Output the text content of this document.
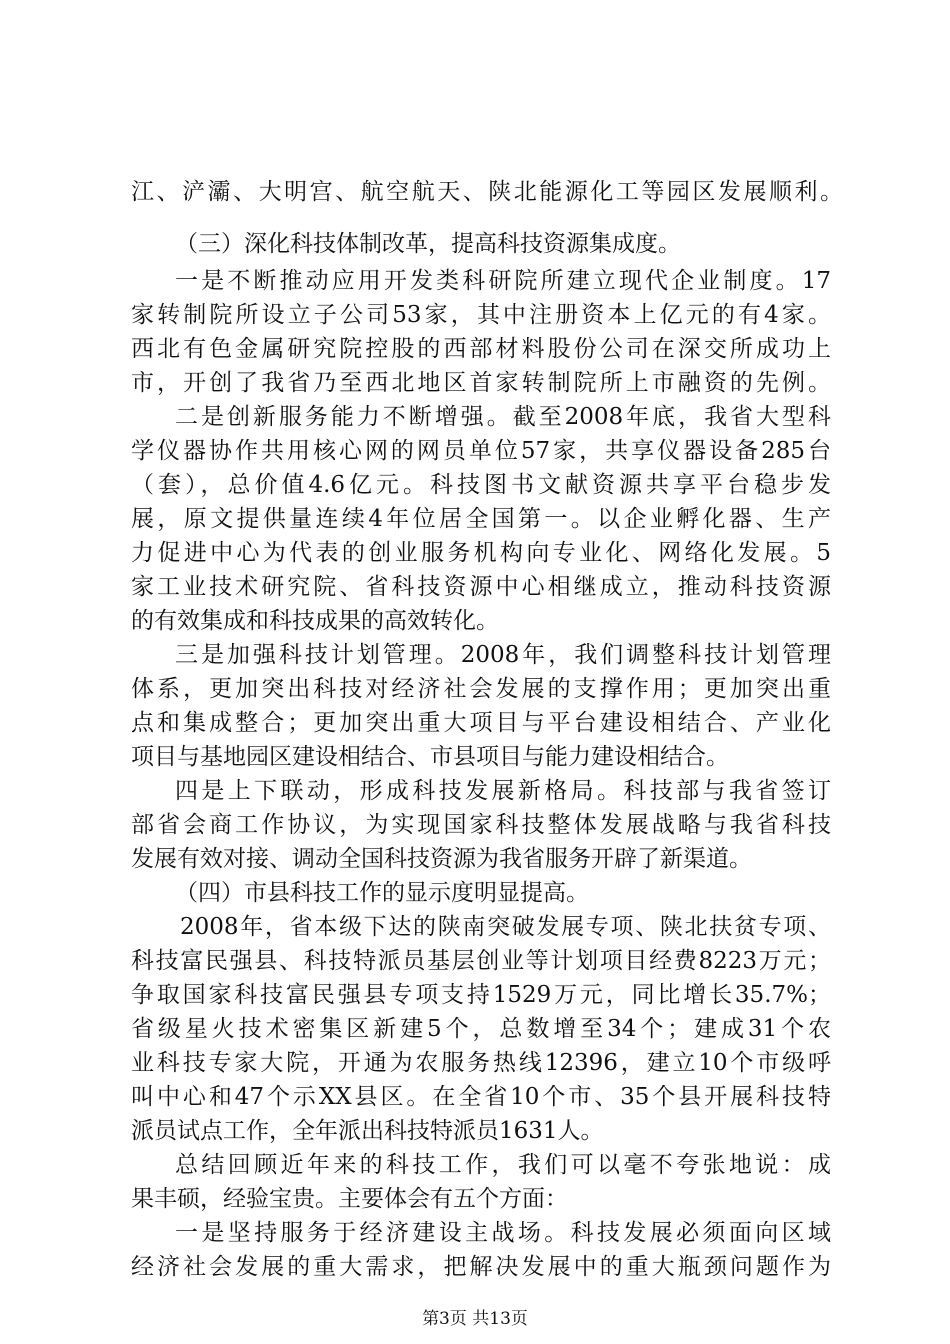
江、浐灞、大明宫、航空航天、陕北能源化工等园区发展顺利。
（三）深化科技体制改革，提高科技资源集成度。
一是不断推动应用开发类科研院所建立现代企业制度。17
家转制院所设立子公司53家，其中注册资本上亿元的有4家。
西北有色金属研究院控股的西部材料股份公司在深交所成功上
市，开创了我省乃至西北地区首家转制院所上市融资的先例。
二是创新服务能力不断增强。截至2008年底，我省大型科
学仪器协作共用核心网的网员单位57家，共享仪器设备285台
（套），总价值4.6亿元。科技图书文献资源共享平台稳步发
展，原文提供量连续4年位居全国第一。以企业孵化器、生产
力促进中心为代表的创业服务机构向专业化、网络化发展。5
家工业技术研究院、省科技资源中心相继成立，推动科技资源
的有效集成和科技成果的高效转化。
三是加强科技计划管理。2008年，我们调整科技计划管理
体系，更加突出科技对经济社会发展的支撑作用；更加突出重
点和集成整合；更加突出重大项目与平台建设相结合、产业化
项目与基地园区建设相结合、市县项目与能力建设相结合。
四是上下联动，形成科技发展新格局。科技部与我省签订
部省会商工作协议，为实现国家科技整体发展战略与我省科技
发展有效对接、调动全国科技资源为我省服务开辟了新渠道。
（四）市县科技工作的显示度明显提高。
2008年，省本级下达的陕南突破发展专项、陕北扶贫专项、
科技富民强县、科技特派员基层创业等计划项目经费8223万元；
争取国家科技富民强县专项支持1529万元，同比增长35.7%；
省级星火技术密集区新建5个，总数增至34个；建成31个农
业科技专家大院，开通为农服务热线12396，建立10个市级呼
叫中心和47个示XX县区。在全省10个市、35个县开展科技特
派员试点工作，全年派出科技特派员1631人。
总结回顾近年来的科技工作，我们可以毫不夸张地说：成
果丰硕，经验宝贵。主要体会有五个方面：
一是坚持服务于经济建设主战场。科技发展必须面向区域
经济社会发展的重大需求，把解决发展中的重大瓶颈问题作为
第3页 共13页
